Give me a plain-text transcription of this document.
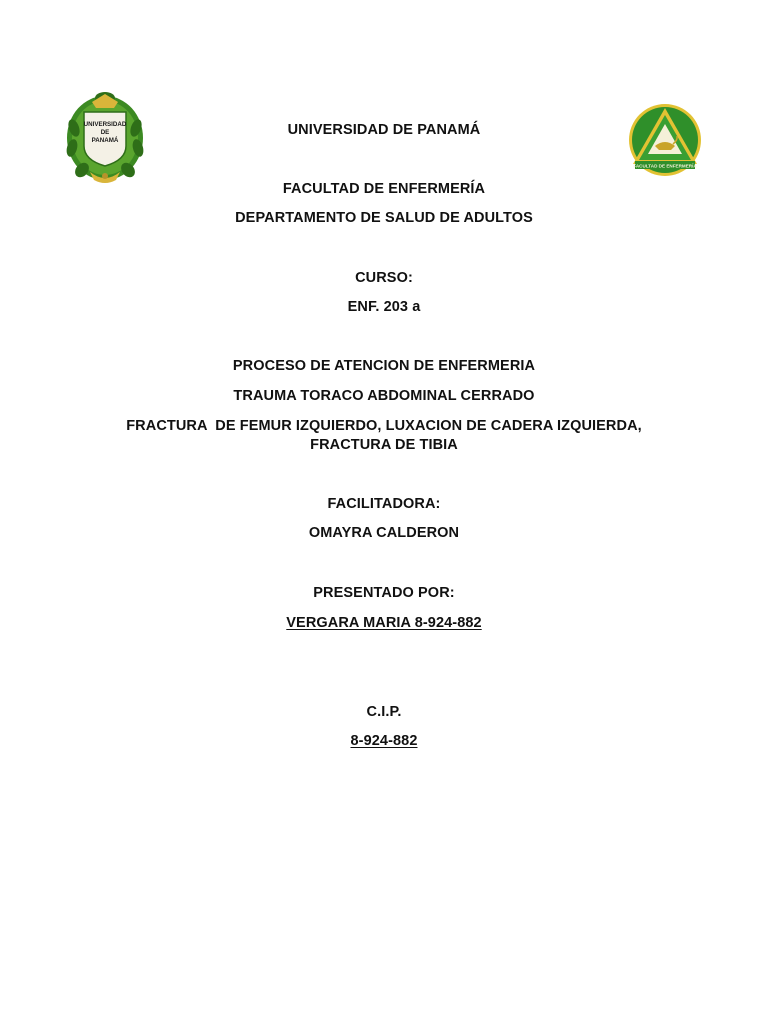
UNIVERSIDAD
DE
PANAMÁ
FACULTAD DE ENFERMERÍA
UNIVERSIDAD DE PANAMÁ
FACULTAD DE ENFERMERÍA
DEPARTAMENTO DE SALUD DE ADULTOS
CURSO:
ENF. 203 a
PROCESO DE ATENCION DE ENFERMERIA
TRAUMA TORACO ABDOMINAL CERRADO
FRACTURA  DE FEMUR IZQUIERDO, LUXACION DE CADERA IZQUIERDA,
FRACTURA DE TIBIA
FACILITADORA:
OMAYRA CALDERON
PRESENTADO POR:
VERGARA MARIA 8-924-882
C.I.P.
8-924-882
